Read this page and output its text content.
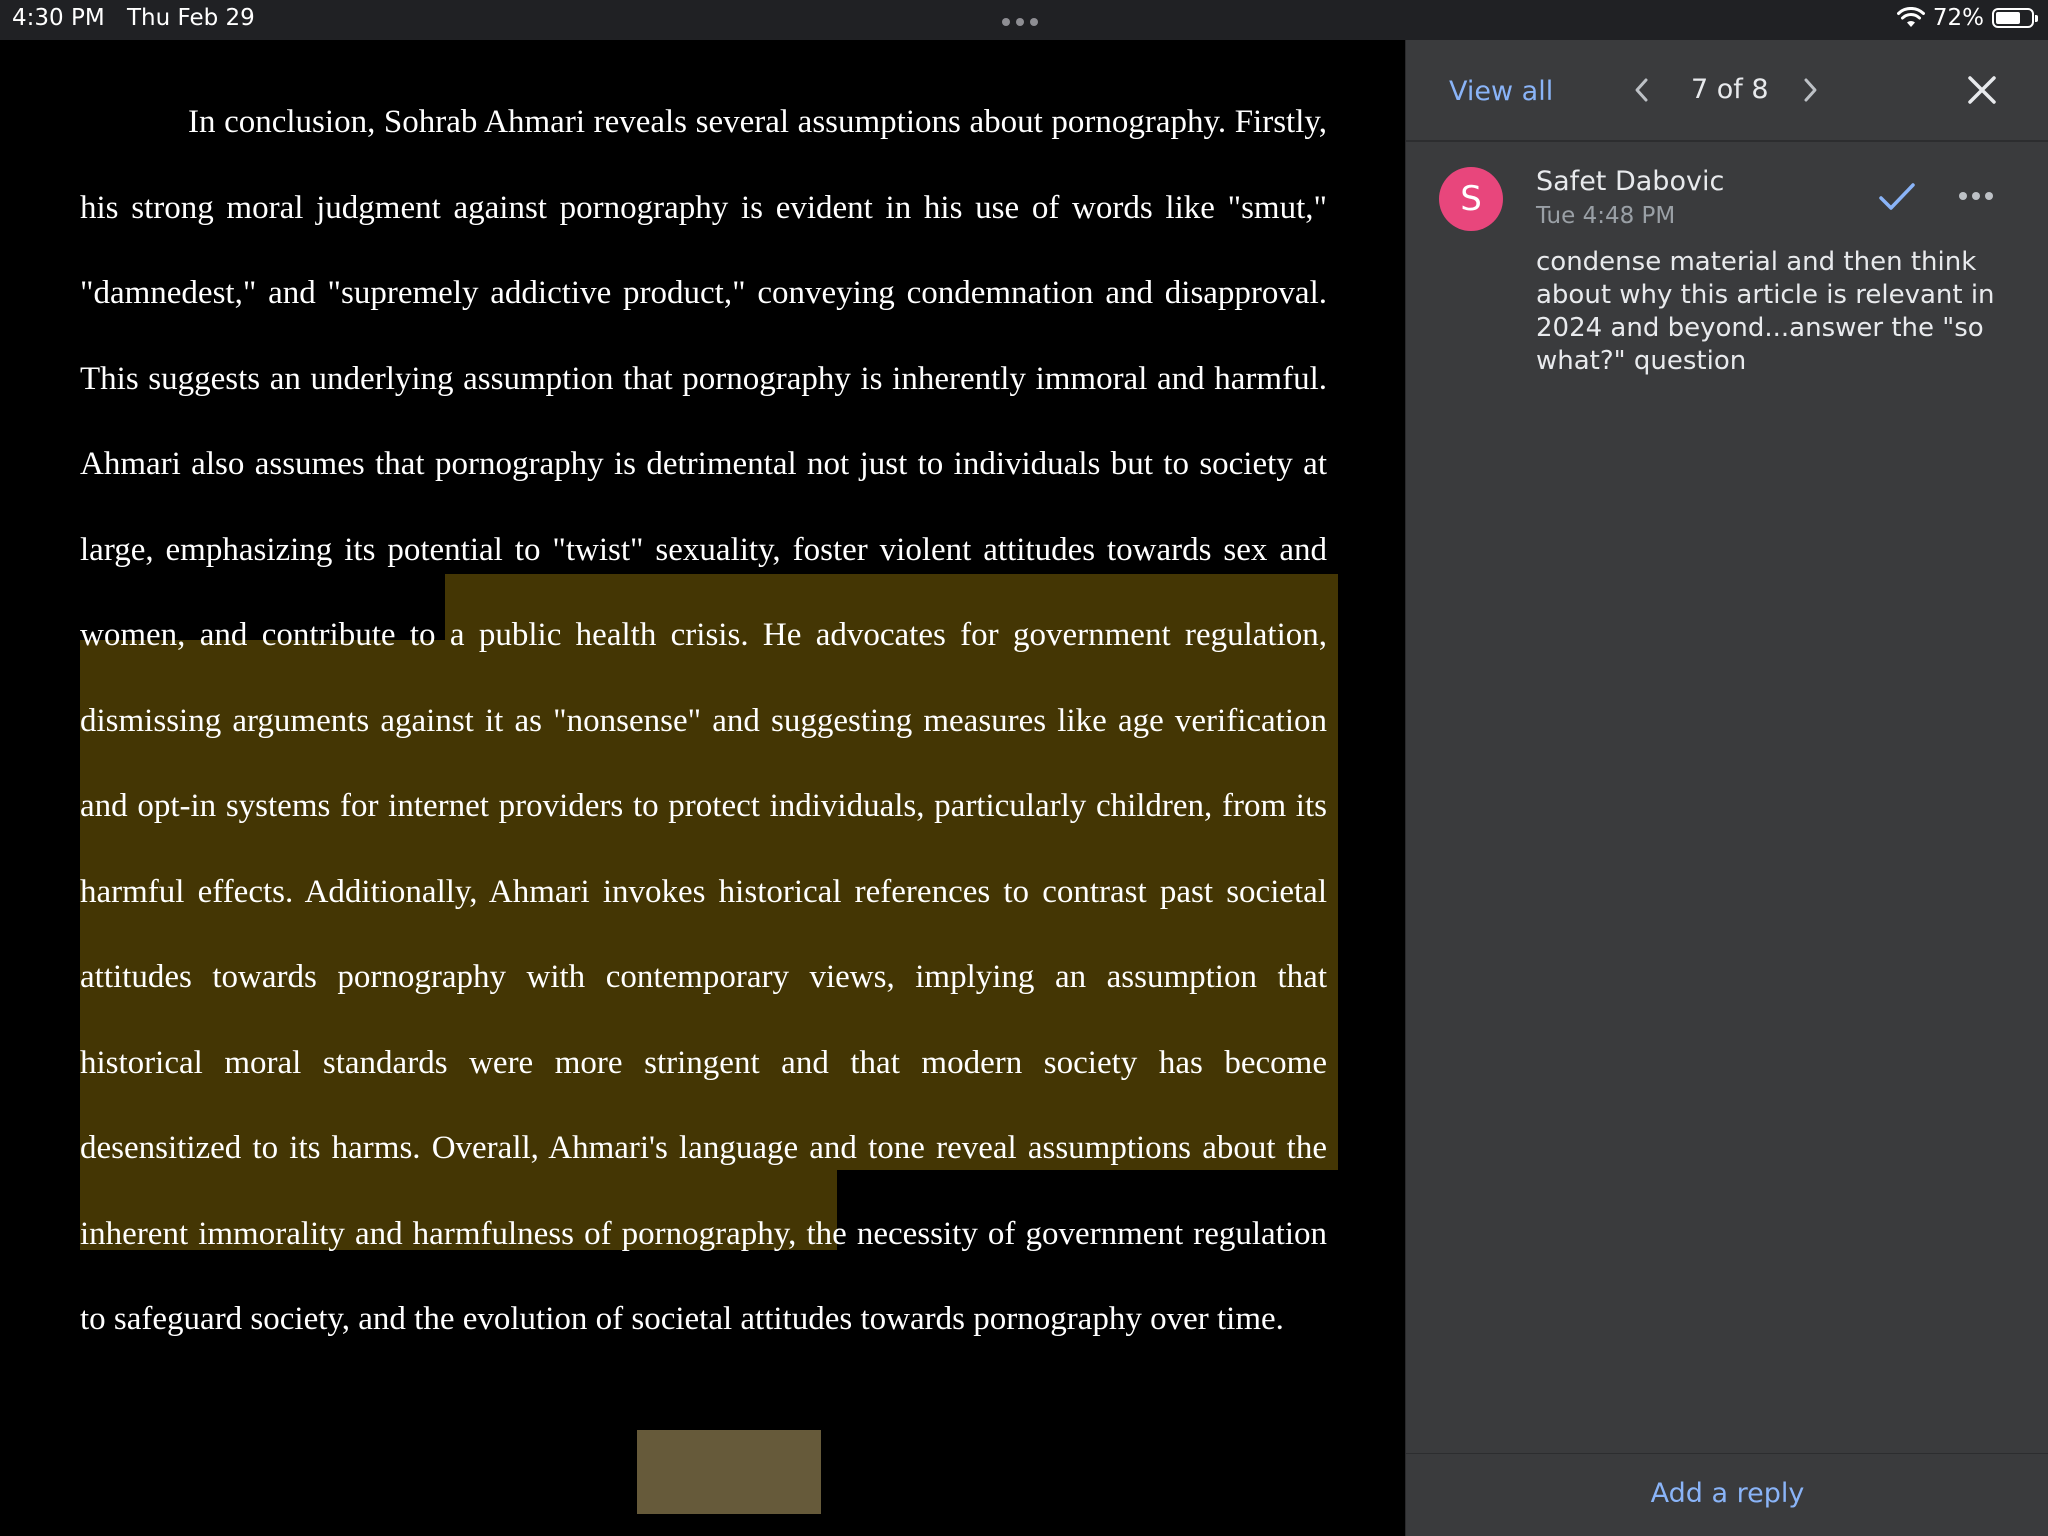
4:30 PM Thu Feb 29	72%

In conclusion, Sohrab Ahmari reveals several assumptions about pornography. Firstly, his strong moral judgment against pornography is evident in his use of words like "smut," "damnedest," and "supremely addictive product," conveying condemnation and disapproval. This suggests an underlying assumption that pornography is inherently immoral and harmful. Ahmari also assumes that pornography is detrimental not just to individuals but to society at large, emphasizing its potential to "twist" sexuality, foster violent attitudes towards sex and women, and contribute to a public health crisis. He advocates for government regulation, dismissing arguments against it as "nonsense" and suggesting measures like age verification and opt-in systems for internet providers to protect individuals, particularly children, from its harmful effects. Additionally, Ahmari invokes historical references to contrast past societal attitudes towards pornography with contemporary views, implying an assumption that historical moral standards were more stringent and that modern society has become desensitized to its harms. Overall, Ahmari's language and tone reveal assumptions about the inherent immorality and harmfulness of pornography, the necessity of government regulation to safeguard society, and the evolution of societal attitudes towards pornography over time.

View all	7 of 8
S	Safet Dabovic
Tue 4:48 PM

condense material and then think about why this article is relevant in 2024 and beyond...answer the "so what?" question

Add a reply
